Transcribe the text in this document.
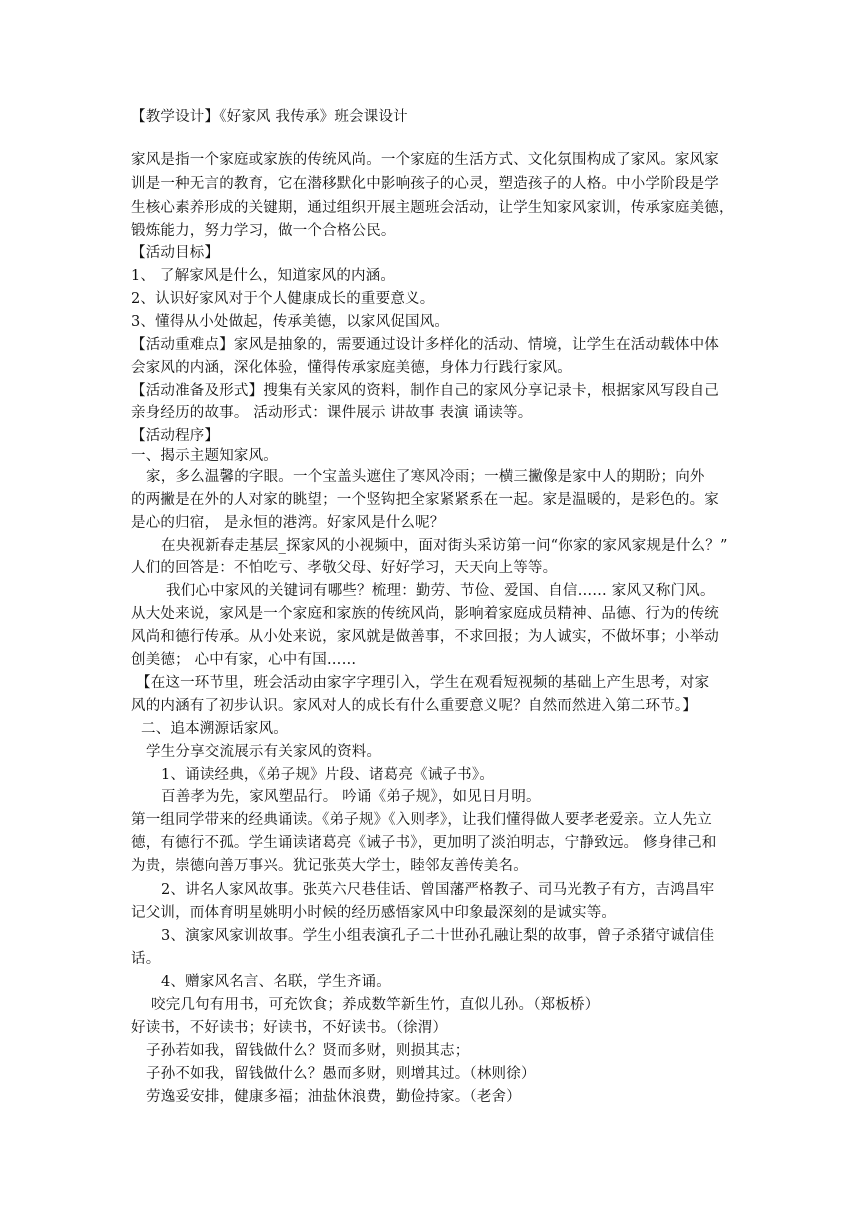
【教学设计】《好家风 我传承》班会课设计
家风是指一个家庭或家族的传统风尚。一个家庭的生活方式、文化氛围构成了家风。家风家
训是一种无言的教育，它在潜移默化中影响孩子的心灵，塑造孩子的人格。中小学阶段是学
生核心素养形成的关键期，通过组织开展主题班会活动，让学生知家风家训，传承家庭美德，
锻炼能力，努力学习，做一个合格公民。
【活动目标】
1、 了解家风是什么，知道家风的内涵。
2、认识好家风对于个人健康成长的重要意义。
3、懂得从小处做起，传承美德，以家风促国风。
【活动重难点】家风是抽象的，需要通过设计多样化的活动、情境，让学生在活动载体中体
会家风的内涵，深化体验，懂得传承家庭美德，身体力行践行家风。
【活动准备及形式】搜集有关家风的资料，制作自己的家风分享记录卡，根据家风写段自己
亲身经历的故事。 活动形式：课件展示 讲故事 表演 诵读等。
【活动程序】
一、揭示主题知家风。
家，多么温馨的字眼。一个宝盖头遮住了寒风冷雨；一横三撇像是家中人的期盼；向外
的两撇是在外的人对家的眺望；一个竖钩把全家紧紧系在一起。家是温暖的，是彩色的。家
是心的归宿， 是永恒的港湾。好家风是什么呢？
在央视新春走基层_探家风的小视频中，面对街头采访第一问“你家的家风家规是什么？”
人们的回答是：不怕吃亏、孝敬父母、好好学习，天天向上等等。
我们心中家风的关键词有哪些？梳理：勤劳、节俭、爱国、自信…… 家风又称门风。
从大处来说，家风是一个家庭和家族的传统风尚，影响着家庭成员精神、品德、行为的传统
风尚和德行传承。从小处来说，家风就是做善事，不求回报；为人诚实，不做坏事；小举动
创美德； 心中有家，心中有国……
【在这一环节里，班会活动由家字字理引入，学生在观看短视频的基础上产生思考，对家
风的内涵有了初步认识。家风对人的成长有什么重要意义呢？自然而然进入第二环节。】
二、追本溯源话家风。
学生分享交流展示有关家风的资料。
1、诵读经典，《弟子规》片段、诸葛亮《诫子书》。
百善孝为先，家风塑品行。 吟诵《弟子规》，如见日月明。
第一组同学带来的经典诵读。《弟子规》《入则孝》，让我们懂得做人要孝老爱亲。立人先立
德，有德行不孤。学生诵读诸葛亮《诫子书》，更加明了淡泊明志，宁静致远。 修身律己和
为贵，崇德向善万事兴。犹记张英大学士，睦邻友善传美名。
2、讲名人家风故事。张英六尺巷佳话、曾国藩严格教子、司马光教子有方，吉鸿昌牢
记父训，而体育明星姚明小时候的经历感悟家风中印象最深刻的是诚实等。
3、演家风家训故事。学生小组表演孔子二十世孙孔融让梨的故事，曾子杀猪守诚信佳
话。
4、赠家风名言、名联，学生齐诵。
咬完几句有用书，可充饮食；养成数竿新生竹，直似儿孙。（郑板桥）
好读书，不好读书；好读书，不好读书。（徐渭）
子孙若如我，留钱做什么？贤而多财，则损其志；
子孙不如我，留钱做什么？愚而多财，则增其过。（林则徐）
劳逸妥安排，健康多福；油盐休浪费，勤俭持家。（老舍）
